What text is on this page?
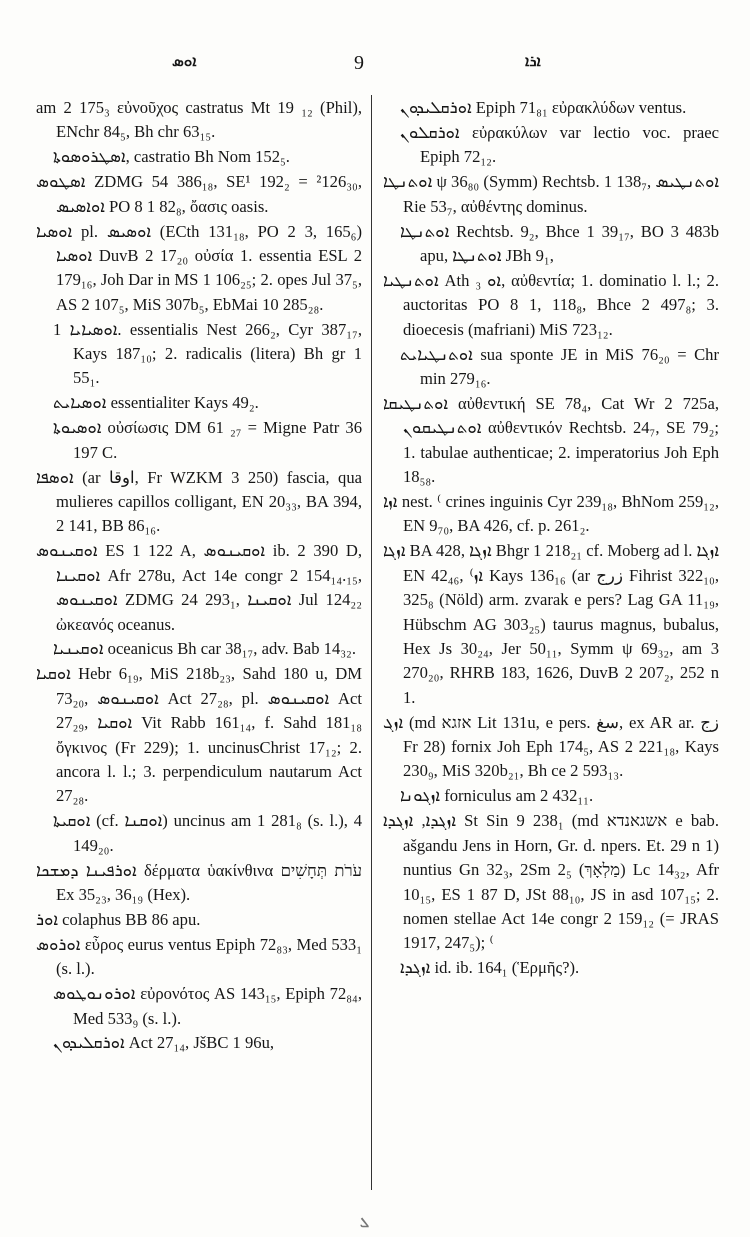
ܐܘܣ	9	ܐܪܐ

am 2 175₃ εὐνοῦχος castratus Mt 19 ₁₂ (Phil), ENchr 84₅, Bh chr 63₁₅.

ܐܣܛܪܘܣܘܬܐ, castratio Bh Nom 152₅.

ܐܣܛܘܣ ZDMG 54 386₁₈, SE¹ 192₂ = ²126₃₀, ܐܘܐܣܝܣ PO 8 1 82₈, ὄασις oasis.

ܐܘܣܝܐ pl. ܐܘܣܝܣ (ECth 131₁₈, PO 2 3, 165₆) ܐܘܣܝܐ DuvB 2 17₂₀ οὐσία 1. essentia ESL 2 179₁₆, Joh Dar in MS 1 106₂₅; 2. opes Jul 37₅, AS 2 107₅, MiS 307b₅, EbMai 10 285₂₈.

ܐܘܣܝܐܝܐ 1. essentialis Nest 266₂, Cyr 387₁₇, Kays 187₁₀; 2. radicalis (litera) Bh gr 1 55₁.

ܐܘܣܝܐܝܬ essentialiter Kays 49₂.

ܐܘܣܝܘܬܐ οὐσίωσις DM 61 ₂₇ = Migne Patr 36 197 C.

ܐܘܣܦܐ (ar ﺍﻭﻗﺎ, Fr WZKM 3 250) fascia, qua mulieres capillos colligant, EN 20₃₃, BA 394, 2 141, BB 86₁₆.

ܐܘܩܝܢܘܣ ES 1 122 A, ܐܘܩܝܢܘܣ ib. 2 390 D, ܐܘܩܝܢܐ Afr 278u, Act 14e congr 2 154₁₄.₁₅, ܐܘܩܝܢܘܣ ZDMG 24 293₁, ܐܘܩܝܢܐ Jul 124₂₂ ὠκεανός oceanus.

ܐܘܩܝܢܝܐ oceanicus Bh car 38₁₇, adv. Bab 14₃₂.

ܐܘܩܝܐ Hebr 6₁₉, MiS 218b₂₃, Sahd 180 u, DM 73₂₀, ܐܘܩܝܢܘܣ Act 27₂₈, pl. ܐܘܩܝܢܘܣ Act 27₂₉, ܐܘܩܝܐ Vit Rabb 161₁₄, f. Sahd 181₁₈ ὄγκινος (Fr 229); 1. uncinusChrist 17₁₂; 2. ancora l. l.; 3. perpendiculum nautarum Act 27₂₈.

ܐܘܩܝܬܐ (cf. ܐܘܩܢܐ) uncinus am 1 281₈ (s. l.), 4 149₂₀.

ܐܘܪܦܝܢܐ ܕܡܫܟܐ δέρματα ὑακίνθινα עֹרֹת תְּחָשִׁים Ex 35₂₃, 36₁₉ (Hex).

ܐܘܪ colaphus BB 86 apu.

ܐܘܪܘܣ εὖρος eurus ventus Epiph 72₈₃, Med 533₁ (s. l.).

ܐܘܪܘܢܘܛܘܣ εὐρονότος AS 143₁₅, Epiph 72₈₄, Med 533₉ (s. l.).

ܐܘܪܩܠܝܕܘܢ Act 27₁₄, JšBC 1 96u,

ܐܘܪܩܠܝܕܘܢ Epiph 71₈₁ εὐρακλύδων ventus.

ܐܘܪܩܠܘܢ εὐρακύλων var lectio voc. praec Epiph 72₁₂.

ܐܘܬܢܛܐ ψ 36₈₀ (Symm) Rechtsb. 1 138₇, ܐܘܬܢܛܝܣ Rie 53₇, αὐθέντης dominus.

ܐܘܬܢܛܐ Rechtsb. 9₂, Bhce 1 39₁₇, BO 3 483b apu, ܐܘܬܢܛܐ JBh 9₁,

ܐܘܬܢܛܝܐ Ath ܐܘ ₃, αὐθεντία; 1. dominatio l. l.; 2. auctoritas PO 8 1, 118₈, Bhce 2 497₈; 3. dioecesis (mafriani) MiS 723₁₂.

ܐܘܬܢܛܝܐܝܬ sua sponte JE in MiS 76₂₀ = Chr min 279₁₆.

ܐܘܬܢܛܝܩܐ αὐθεντική SE 78₄, Cat Wr 2 725a, ܐܘܬܢܛܝܩܘܢ αὐθεντικόν Rechtsb. 24₇, SE 79₂; 1. tabulae authenticae; 2. imperatorius Joh Eph 18₅₈.

ܐܙܐ nest. ⁽ crines inguinis Cyr 239₁₈, BhNom 259₁₂, EN 9₇₀, BA 426, cf. p. 261₂.

ܐܙܓܐ BA 428, ܐܙܓܐ Bhgr 1 218₂₁ cf. Moberg ad l. ܐܙܓܐ EN 42₄₆, ⁽ܐܙ Kays 136₁₆ (ar ﺯﺭﺝ Fihrist 322₁₀, 325₈ (Nöld) arm. zvarak e pers? Lag GA 11₁₉, Hübschm AG 303₂₅) taurus magnus, bubalus, Hex Js 30₂₄, Jer 50₁₁, Symm ψ 69₃₂, am 3 270₂₀, RHRB 183, 1626, DuvB 2 207₂, 252 n 1.

ܐܙܓ (md אזגא Lit 131u, e pers. ﺳﻎ, ex AR ar. ﺯﺝ Fr 28) fornix Joh Eph 174₅, AS 2 221₁₈, Kays 230₉, MiS 320b₂₁, Bh ce 2 593₁₃.

ܐܙܓܘܢܐ forniculus am 2 432₁₁.

ܐܙܓܕܐ, ܐܙܓܕܐ St Sin 9 238₁ (md אשגאנדא e bab. ašgandu Jens in Horn, Gr. d. npers. Et. 29 n 1) nuntius Gn 32₃, 2Sm 2₅ (מַלְאָךְ) Lc 14₃₂, Afr 10₁₅, ES 1 87 D, JSt 88₁₀, JS in asd 107₁₅; 2. nomen stellae Act 14e congr 2 159₁₂ (= JRAS 1917, 247₅); ⁽

ܐܙܓܕܐ id. ib. 164₁ (Ἑρμῆς?).

ܠ
